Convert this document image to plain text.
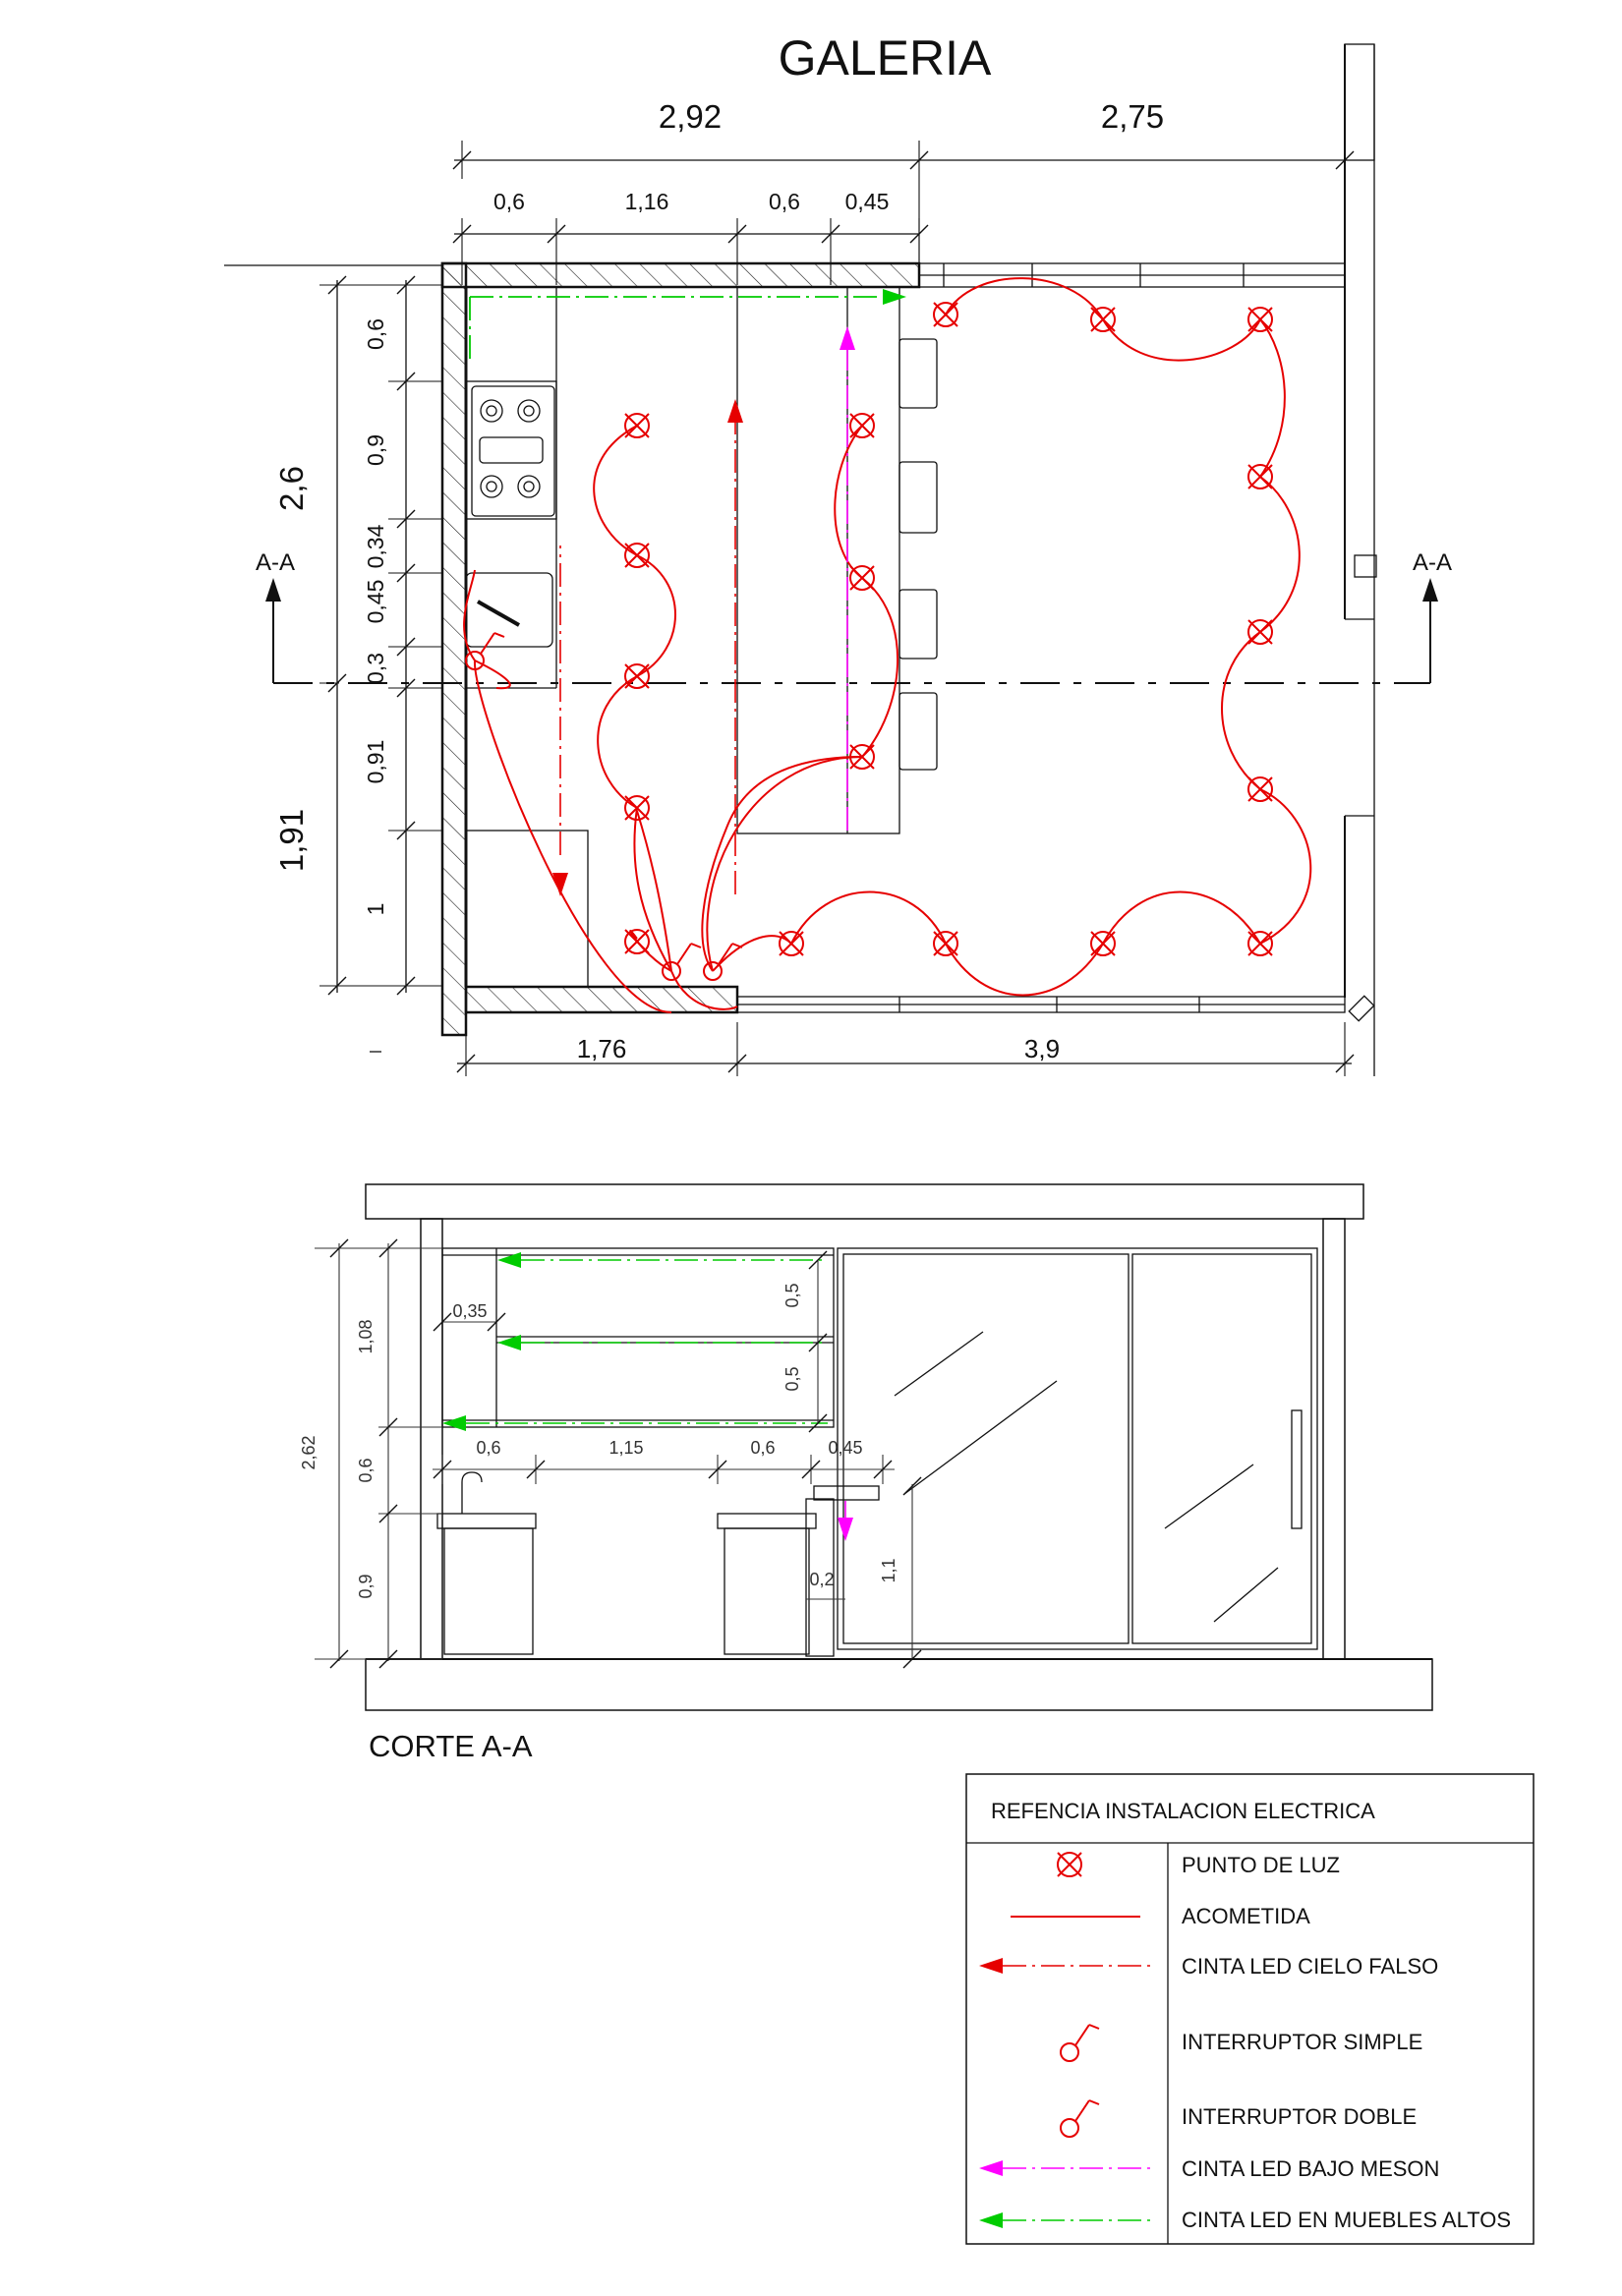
GALERIA
A-A	A-A
2,92	2,75
0,6	1,16	0,6 0,45
2,6
1,91
0,6
0,9
0,34
0,45
0,3
0,91
1
1,76	3,9
2,62
1,08
0,6
0,9
0,35
0,5
0,5
0,6	1,15	0,6	0,45
1,1
0,2
CORTE A-A
REFENCIA INSTALACION ELECTRICA
PUNTO DE LUZ
ACOMETIDA
CINTA LED CIELO FALSO
INTERRUPTOR SIMPLE
INTERRUPTOR DOBLE
CINTA LED BAJO MESON
CINTA LED EN MUEBLES ALTOS
